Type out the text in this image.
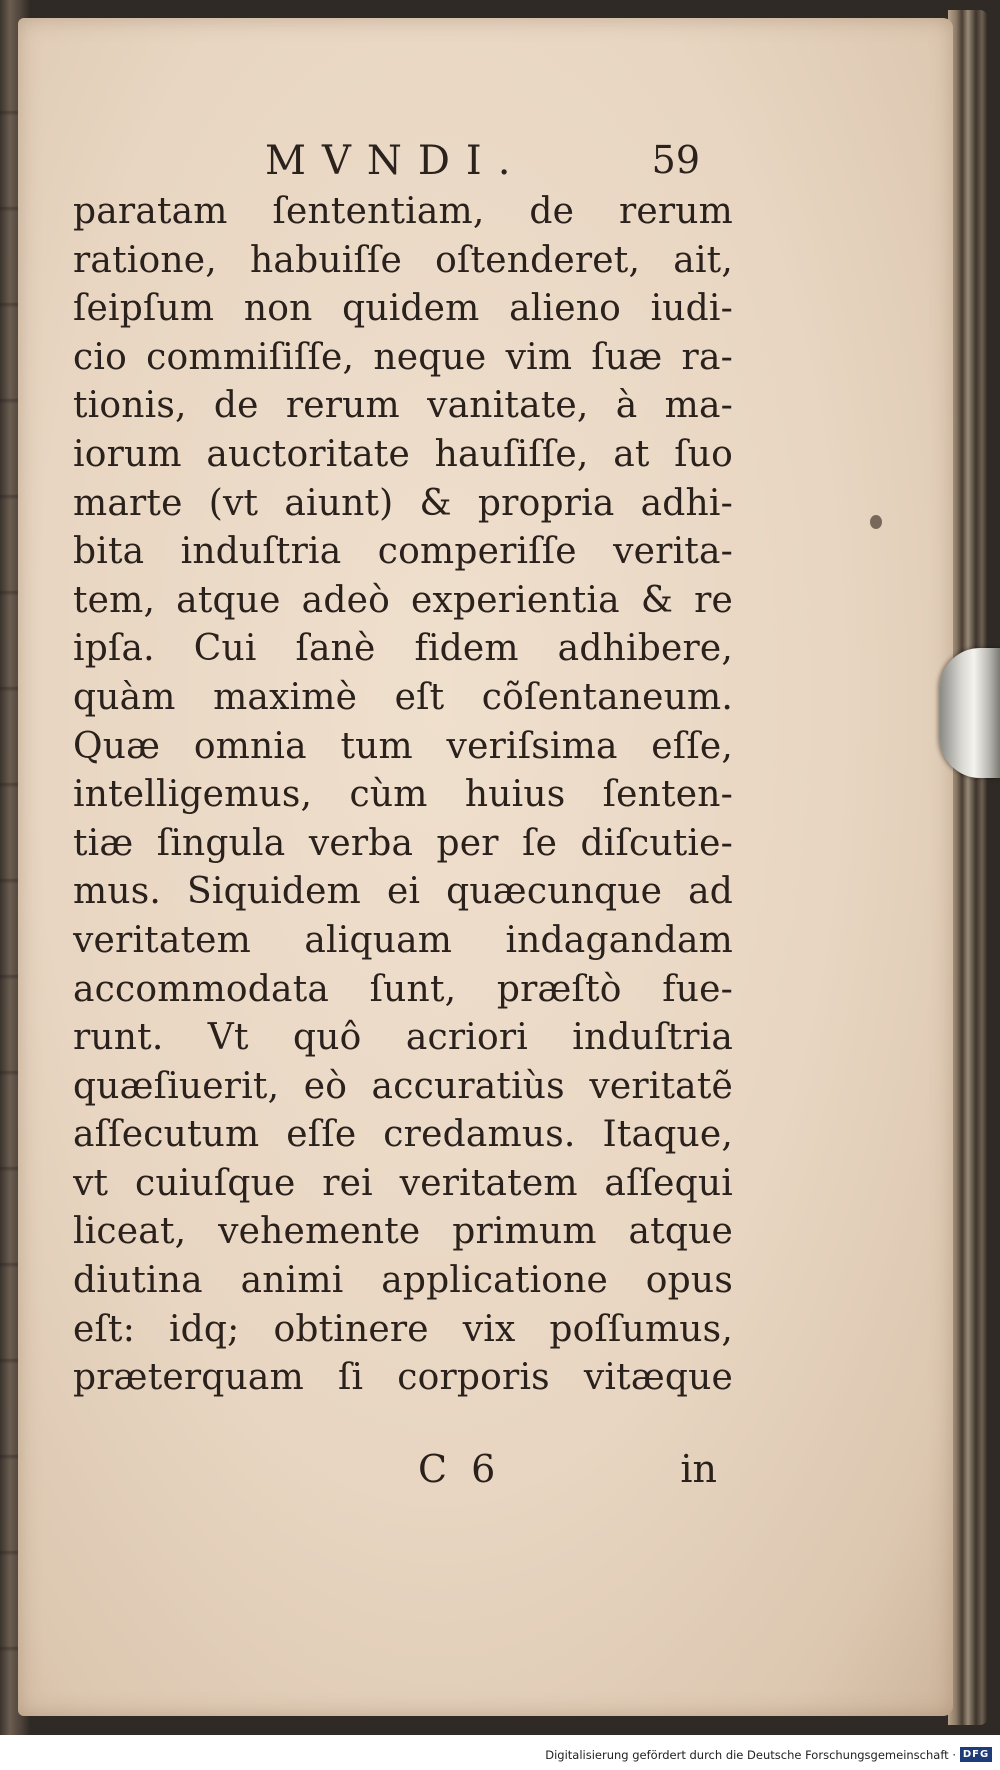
MVNDI.	59
paratam ſententiam, de rerum
ratione, habuiſſe oſtenderet, ait,
ſeipſum non quidem alieno iudi-
cio commiſiſſe, neque vim ſuæ ra-
tionis, de rerum vanitate, à ma-
iorum auctoritate hauſiſſe, at ſuo
marte (vt aiunt) & propria adhi-
bita induſtria comperiſſe verita-
tem, atque adeò experientia & re
ipſa. Cui ſanè fidem adhibere,
quàm maximè eſt cõſentaneum.
Quæ omnia tum veriſsima eſſe,
intelligemus, cùm huius ſenten-
tiæ ſingula verba per ſe diſcutie-
mus. Siquidem ei quæcunque ad
veritatem aliquam indagandam
accommodata ſunt, præſtò fue-
runt. Vt quô acriori induſtria
quæſiuerit, eò accuratiùs veritatẽ
aſſecutum eſſe credamus. Itaque,
vt cuiuſque rei veritatem aſſequi
liceat, vehemente primum atque
diutina animi applicatione opus
eſt: idq; obtinere vix poſſumus,
præterquam ſi corporis vitæque
C 6	in
Digitalisierung gefördert durch die Deutsche Forschungsgemeinschaft · DFG
